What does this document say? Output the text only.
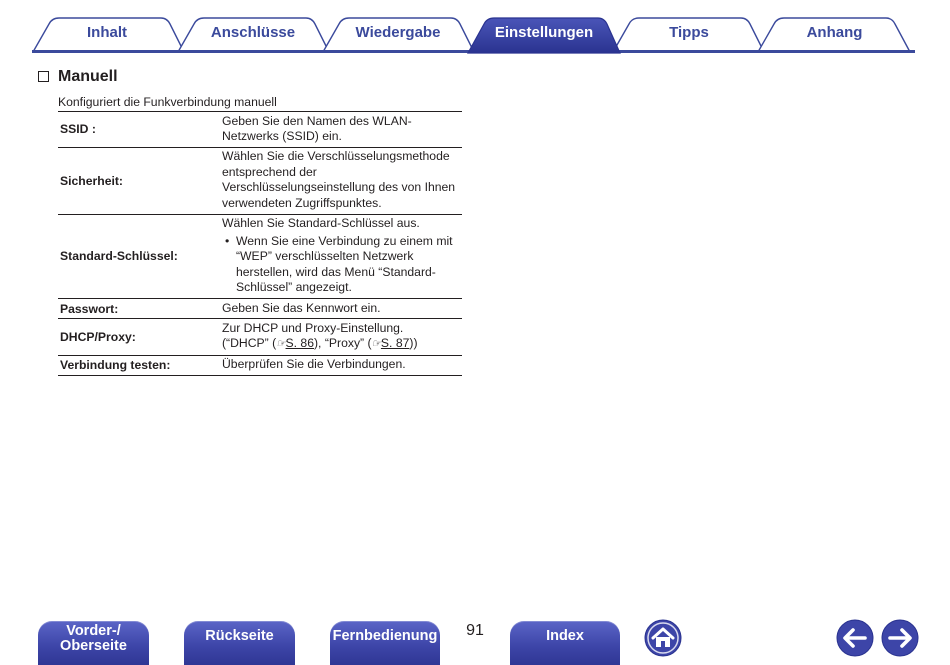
Inhalt	Anschlüsse	Wiedergabe	Einstellungen	Tipps	Anhang
Manuell
Konfiguriert die Funkverbindung manuell
SSID :
Geben Sie den Namen des WLAN-Netzwerks (SSID) ein.
Sicherheit:
Wählen Sie die Verschlüsselungsmethode entsprechend der Verschlüsselungseinstellung des von Ihnen verwendeten Zugriffspunktes.
Standard-Schlüssel:
Wählen Sie Standard-Schlüssel aus.
• Wenn Sie eine Verbindung zu einem mit “WEP” verschlüsselten Netzwerk herstellen, wird das Menü “Standard-Schlüssel” angezeigt.
Passwort:	Geben Sie das Kennwort ein.
DHCP/Proxy:
Zur DHCP und Proxy-Einstellung.
(“DHCP” (☞S. 86), “Proxy” (☞S. 87))
Verbindung testen:	Überprüfen Sie die Verbindungen.
Vorder-/
Oberseite
Rückseite	Fernbedienung	91	Index
